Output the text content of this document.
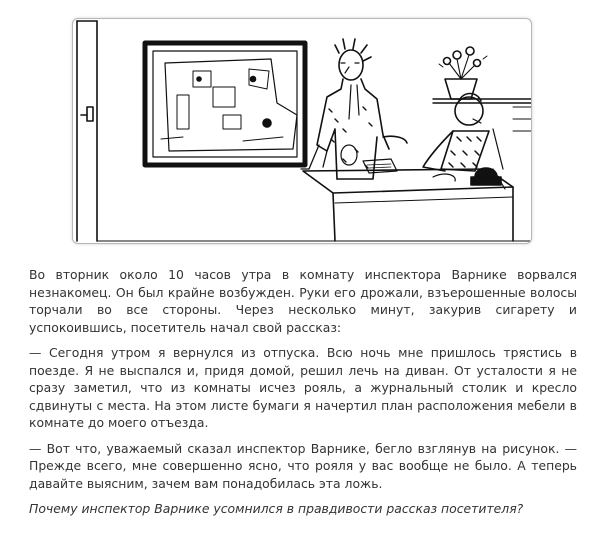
Во вторник около 10 часов утра в комнату инспектора Варнике ворвался незнакомец. Он был крайне возбужден. Руки его дрожали, взъерошенные волосы торчали во все стороны. Через несколько минут, закурив сигарету и успокоившись, посетитель начал свой рассказ:

— Сегодня утром я вернулся из отпуска. Всю ночь мне пришлось трястись в поезде. Я не выспался и, придя домой, решил лечь на диван. От усталости я не сразу заметил, что из комнаты исчез рояль, а журнальный столик и кресло сдвинуты с места. На этом листе бумаги я начертил план расположения мебели в комнате до моего отъезда.

— Вот что, уважаемый сказал инспектор Варнике, бегло взглянув на рисунок. — Прежде всего, мне совершенно ясно, что рояля у вас вообще не было. А теперь давайте выясним, зачем вам понадобилась эта ложь.

Почему инспектор Варнике усомнился в правдивости рассказ посетителя?
